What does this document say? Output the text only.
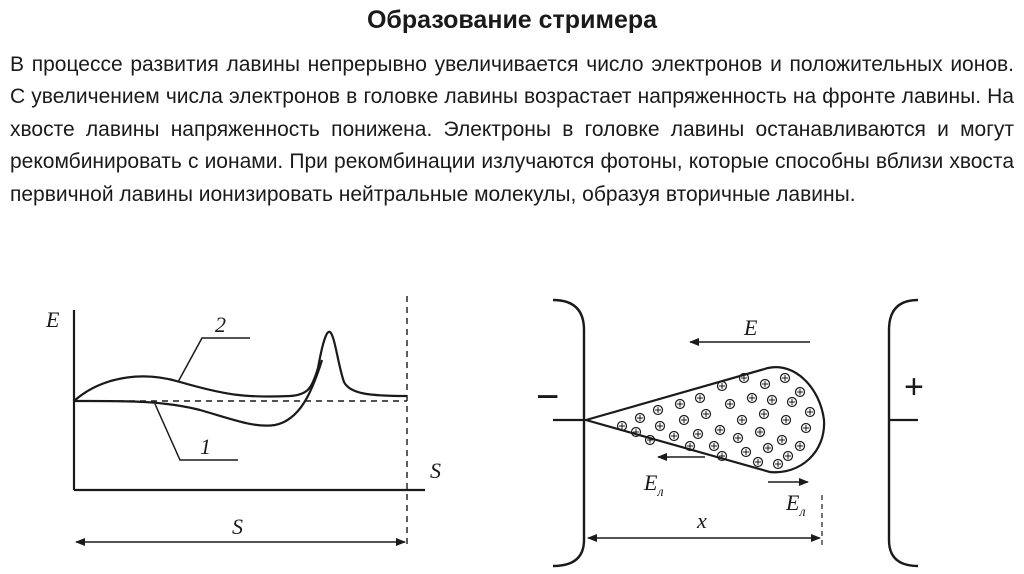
Образование стримера
В процессе развития лавины непрерывно увеличивается число электронов и положительных ионов. С увеличением числа электронов в головке лавины возрастает напряженность на фронте лавины. На хвосте лавины напряженность понижена. Электроны в головке лавины останавливаются и могут рекомбинировать с ионами. При рекомбинации излучаются фотоны, которые способны вблизи хвоста первичной лавины ионизировать нейтральные молекулы, образуя вторичные лавины.
E
S
2
1
S
−	+
E
$E_л$	$E_л$
x
